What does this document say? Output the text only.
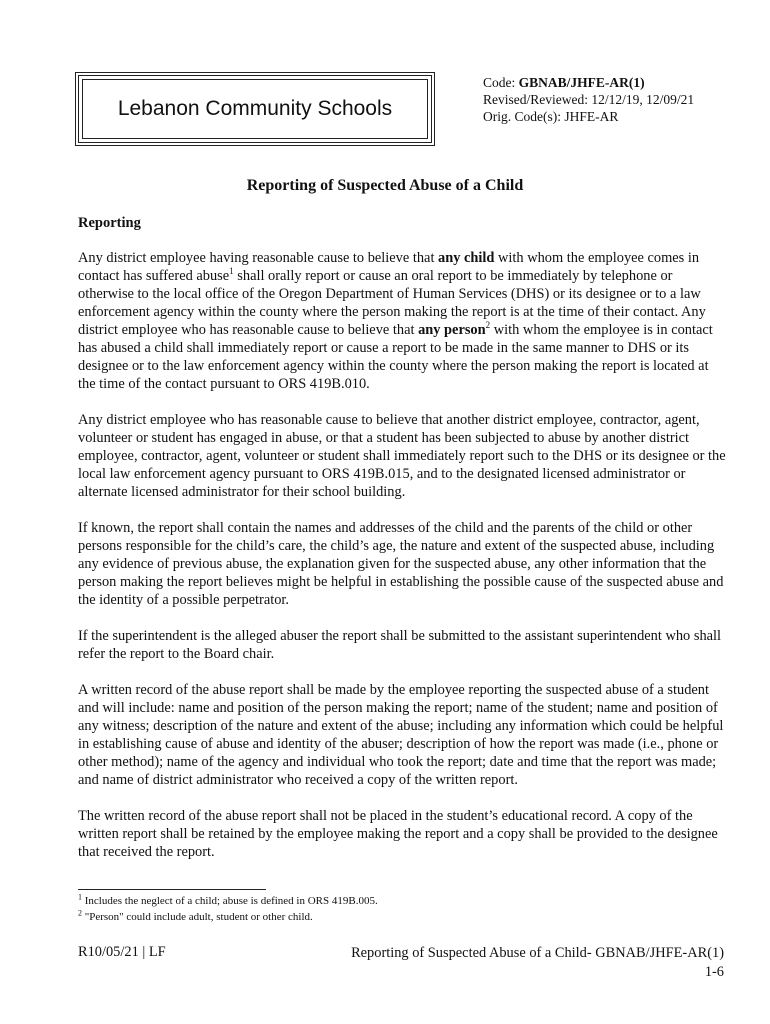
Lebanon Community Schools
Code: GBNAB/JHFE-AR(1)
Revised/Reviewed: 12/12/19, 12/09/21
Orig. Code(s): JHFE-AR
Reporting of Suspected Abuse of a Child
Reporting

Any district employee having reasonable cause to believe that any child with whom the employee comes in contact has suffered abuse$^1$ shall orally report or cause an oral report to be immediately by telephone or otherwise to the local office of the Oregon Department of Human Services (DHS) or its designee or to a law enforcement agency within the county where the person making the report is at the time of their contact. Any district employee who has reasonable cause to believe that any person$^2$ with whom the employee is in contact has abused a child shall immediately report or cause a report to be made in the same manner to DHS or its designee or to the law enforcement agency within the county where the person making the report is located at the time of the contact pursuant to ORS 419B.010.

Any district employee who has reasonable cause to believe that another district employee, contractor, agent, volunteer or student has engaged in abuse, or that a student has been subjected to abuse by another district employee, contractor, agent, volunteer or student shall immediately report such to the DHS or its designee or the local law enforcement agency pursuant to ORS 419B.015, and to the designated licensed administrator or alternate licensed administrator for their school building.

If known, the report shall contain the names and addresses of the child and the parents of the child or other persons responsible for the child’s care, the child’s age, the nature and extent of the suspected abuse, including any evidence of previous abuse, the explanation given for the suspected abuse, any other information that the person making the report believes might be helpful in establishing the possible cause of the suspected abuse and the identity of a possible perpetrator.

If the superintendent is the alleged abuser the report shall be submitted to the assistant superintendent who shall refer the report to the Board chair.

A written record of the abuse report shall be made by the employee reporting the suspected abuse of a student and will include: name and position of the person making the report; name of the student; name and position of any witness; description of the nature and extent of the abuse; including any information which could be helpful in establishing cause of abuse and identity of the abuser; description of how the report was made (i.e., phone or other method); name of the agency and individual who took the report; date and time that the report was made; and name of district administrator who received a copy of the written report.

The written record of the abuse report shall not be placed in the student’s educational record. A copy of the written report shall be retained by the employee making the report and a copy shall be provided to the designee that received the report.

$^1$ Includes the neglect of a child; abuse is defined in ORS 419B.005.
$^2$ "Person" could include adult, student or other child.
R10/05/21 | LF	Reporting of Suspected Abuse of a Child- GBNAB/JHFE-AR(1)
1-6
